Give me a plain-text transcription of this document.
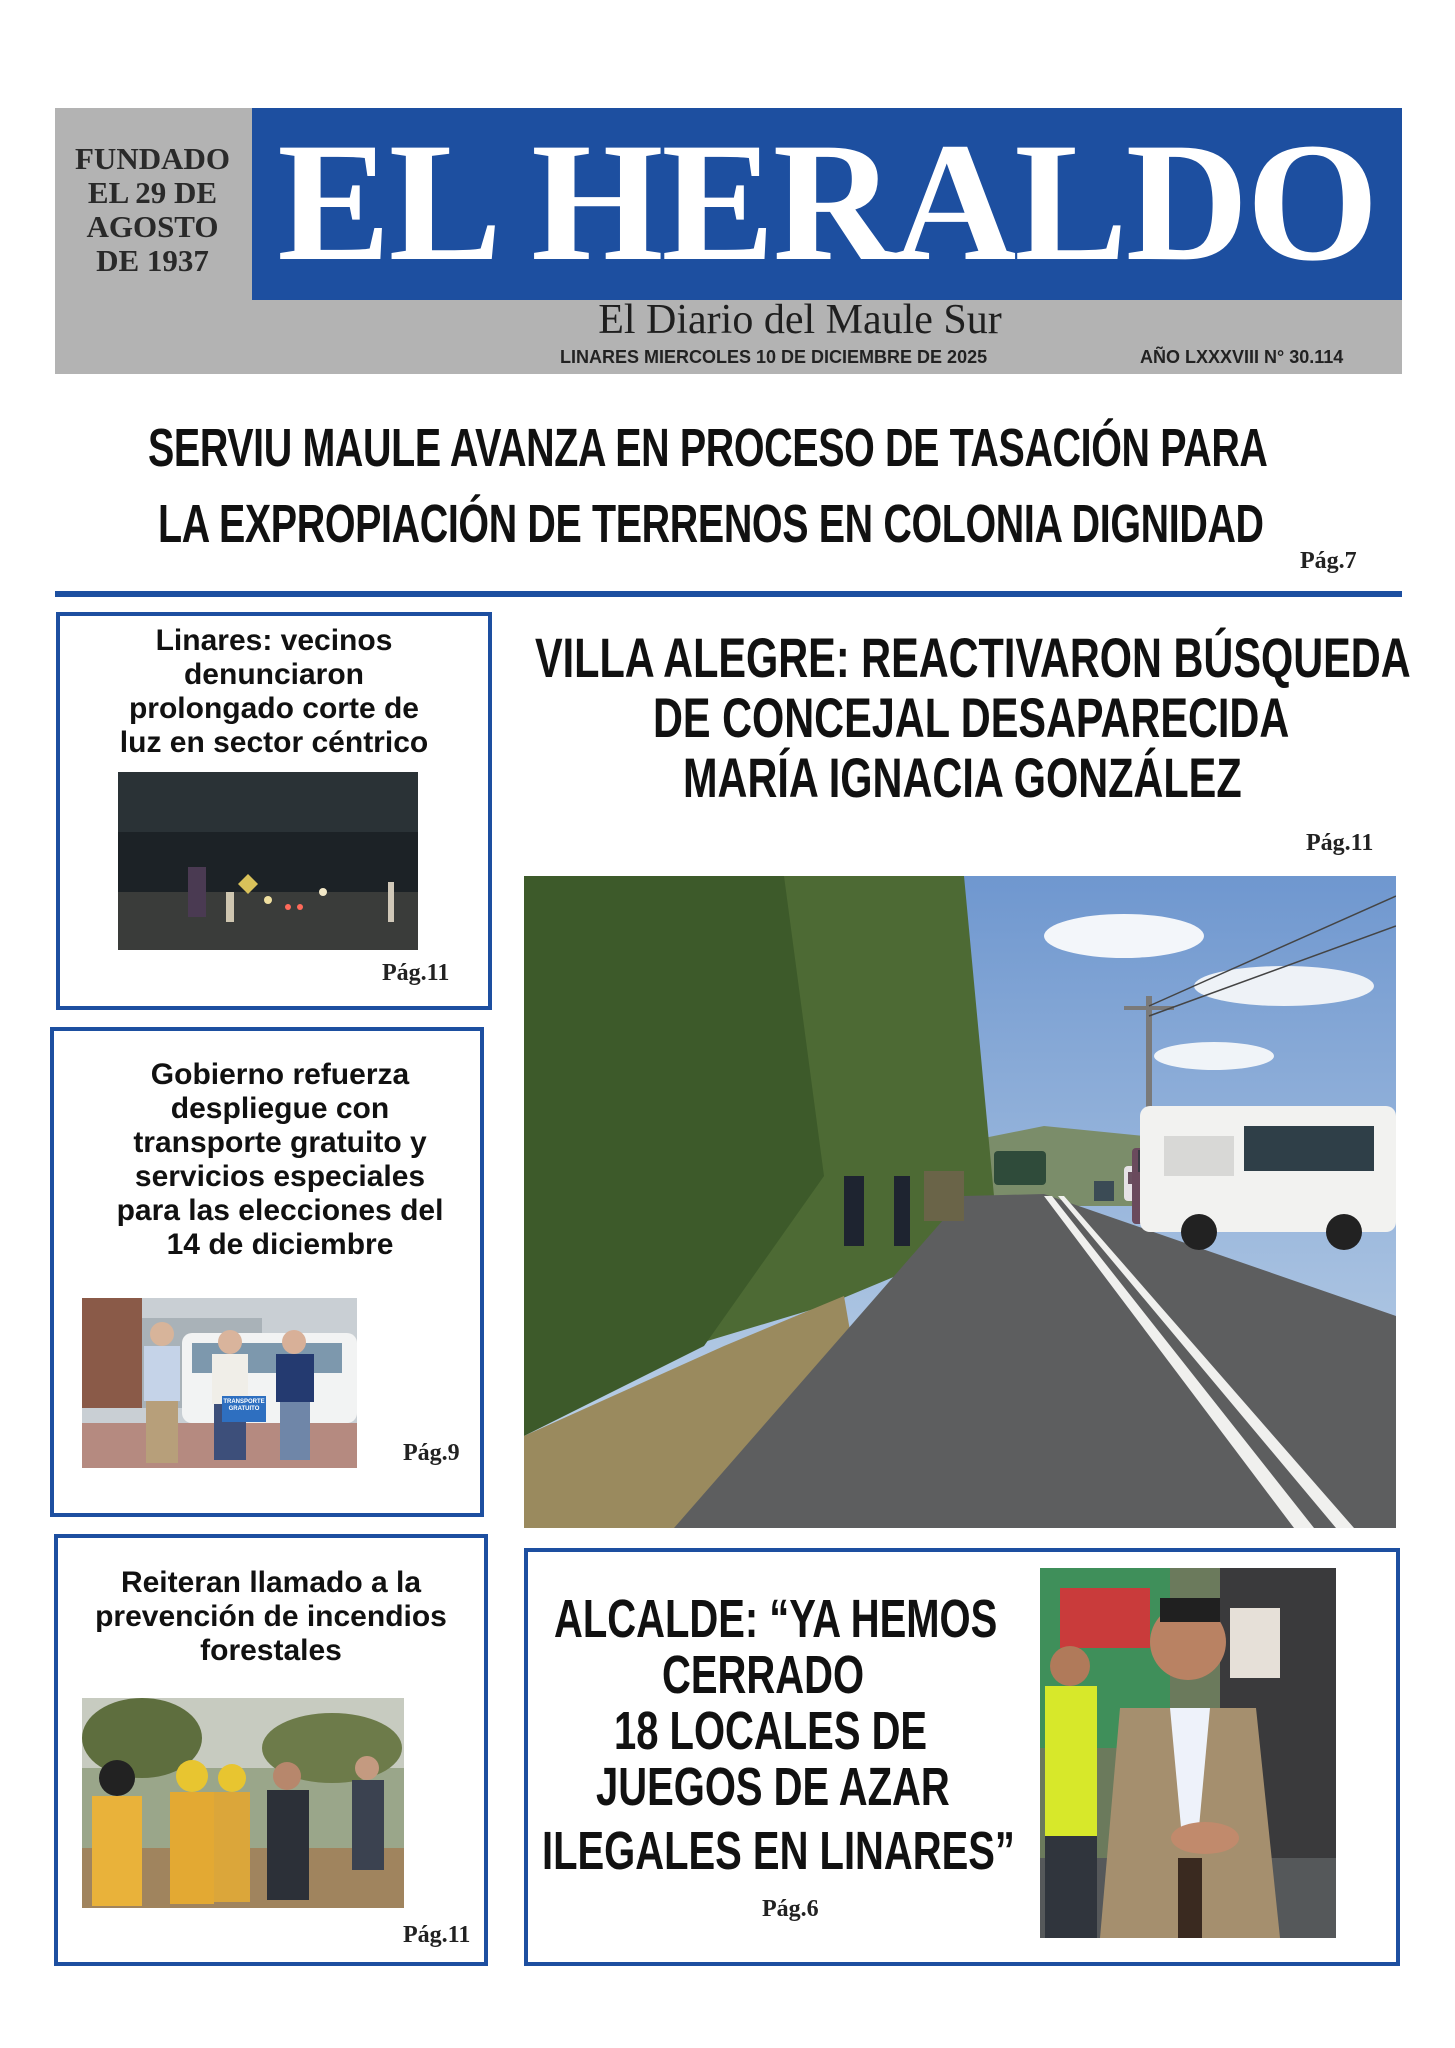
FUNDADO
EL 29 DE
AGOSTO
DE 1937 EL HERALDO
El Diario del Maule Sur
LINARES MIERCOLES 10 DE DICIEMBRE DE 2025	AÑO LXXXVIII N° 30.114
SERVIU MAULE AVANZA EN PROCESO DE TASACIÓN PARA
LA EXPROPIACIÓN DE TERRENOS EN COLONIA DIGNIDAD
Pág.7
Linares: vecinos
denunciaron
prolongado corte de
luz en sector céntrico
Pág.11
Gobierno refuerza
despliegue con
transporte gratuito y
servicios especiales
para las elecciones del
14 de diciembre
TRANSPORTE GRATUITO
Pág.9
Reiteran llamado a la
prevención de incendios
forestales
Pág.11
VILLA ALEGRE: REACTIVARON BÚSQUEDA
DE CONCEJAL DESAPARECIDA
MARÍA IGNACIA GONZÁLEZ
Pág.11
ALCALDE: “YA HEMOS
CERRADO
18 LOCALES DE
JUEGOS DE AZAR
ILEGALES EN LINARES”
Pág.6
